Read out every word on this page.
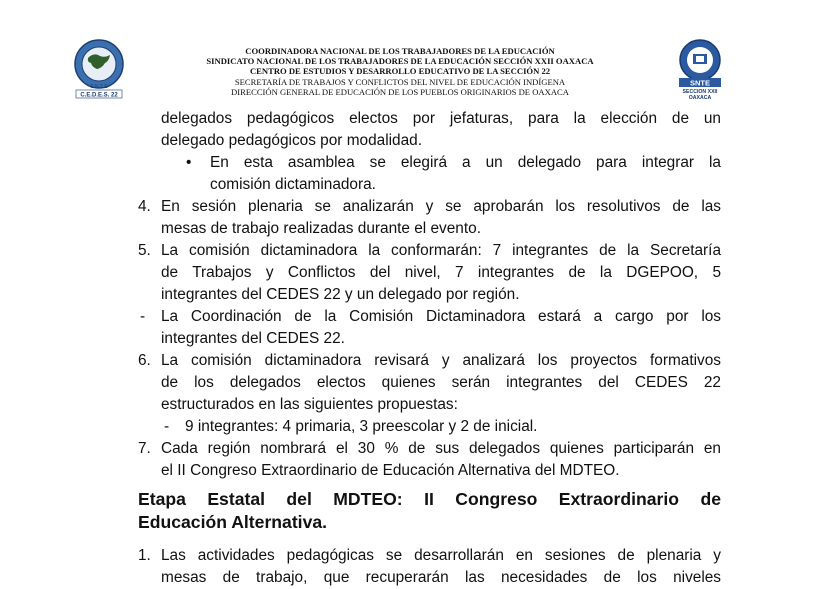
S N T E
C.E.D.E.S. 22
COORDINADORA NACIONAL DE LOS TRABAJADORES DE LA EDUCACIÓN
SINDICATO NACIONAL DE LOS TRABAJADORES DE LA EDUCACIÓN SECCIÓN XXII OAXACA
CENTRO DE ESTUDIOS Y DESARROLLO EDUCATIVO DE LA SECCIÓN 22
SECRETARÍA DE TRABAJOS Y CONFLICTOS DEL NIVEL DE EDUCACIÓN INDÍGENA
DIRECCIÓN GENERAL DE EDUCACIÓN DE LOS PUEBLOS ORIGINARIOS DE OAXACA
SNTE
SECCION XXII
OAXACA
delegados pedagógicos electos por jefaturas, para la elección de un
delegado pedagógicos por modalidad.
• En esta asamblea se elegirá a un delegado para integrar la
comisión dictaminadora.
4. En sesión plenaria se analizarán y se aprobarán los resolutivos de las
mesas de trabajo realizadas durante el evento.
5. La comisión dictaminadora la conformarán: 7 integrantes de la Secretaría
de Trabajos y Conflictos del nivel, 7 integrantes de la DGEPOO, 5
integrantes del CEDES 22 y un delegado por región.
- La Coordinación de la Comisión Dictaminadora estará a cargo por los
integrantes del CEDES 22.
6. La comisión dictaminadora revisará y analizará los proyectos formativos
de los delegados electos quienes serán integrantes del CEDES 22
estructurados en las siguientes propuestas:
- 9 integrantes: 4 primaria, 3 preescolar y 2 de inicial.
7. Cada región nombrará el 30 % de sus delegados quienes participarán en
el II Congreso Extraordinario de Educación Alternativa del MDTEO.
Etapa Estatal del MDTEO: II Congreso Extraordinario de
Educación Alternativa.
1. Las actividades pedagógicas se desarrollarán en sesiones de plenaria y
mesas de trabajo, que recuperarán las necesidades de los niveles
